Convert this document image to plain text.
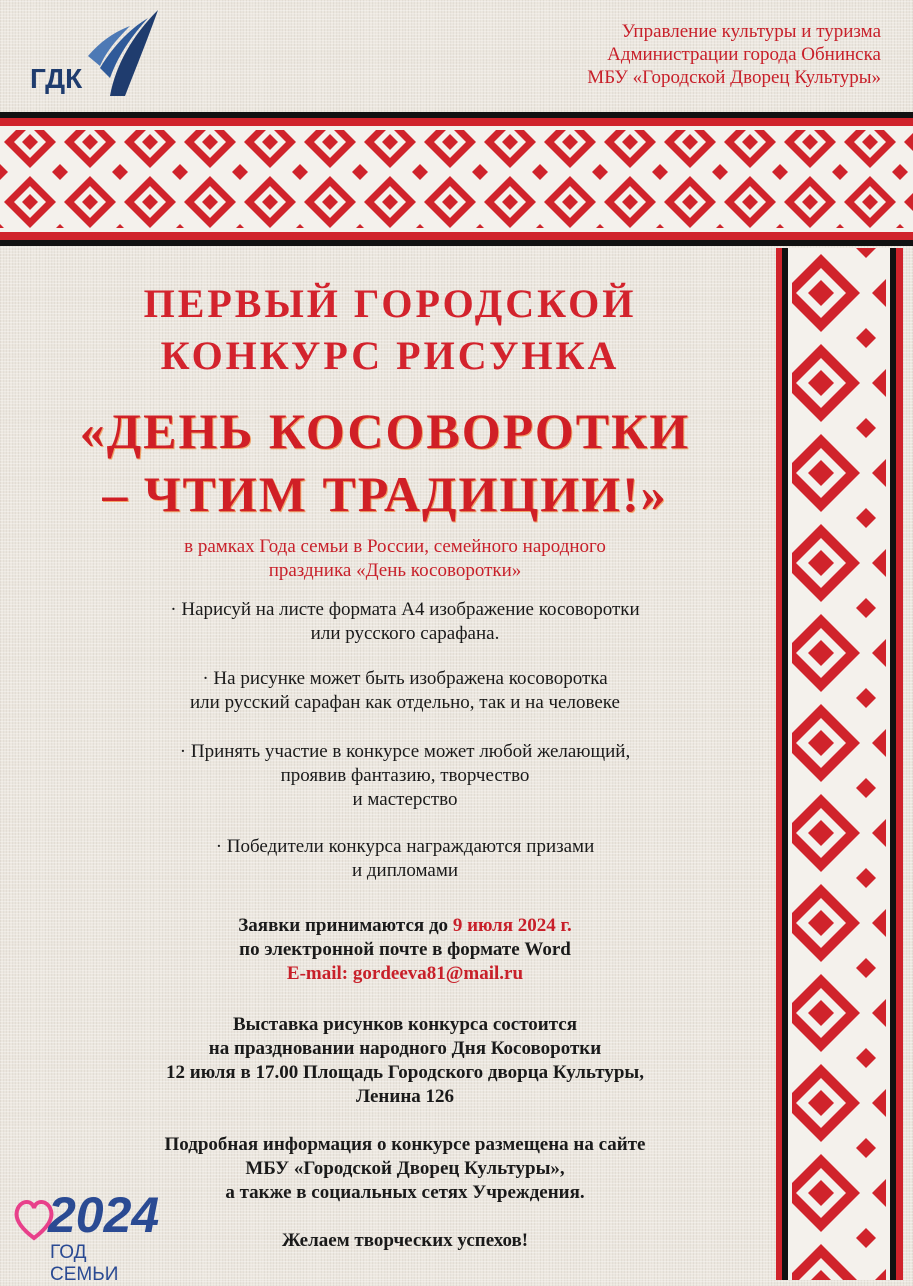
ГДК
Управление культуры и туризма
Администрации города Обнинска
МБУ «Городской Дворец Культуры»
ПЕРВЫЙ ГОРОДСКОЙ
КОНКУРС РИСУНКА
«ДЕНЬ КОСОВОРОТКИ
– ЧТИМ ТРАДИЦИИ!»
в рамках Года семьи в России, семейного народного
праздника «День косоворотки»
· Нарисуй на листе формата А4 изображение косоворотки
или русского сарафана.
· На рисунке может быть изображена косоворотка
или русский сарафан как отдельно, так и на человеке
· Принять участие в конкурсе может любой желающий,
проявив фантазию, творчество
и мастерство
· Победители конкурса награждаются призами
и дипломами
Заявки принимаются до 9 июля 2024 г.
по электронной почте в формате Word
E-mail: gordeeva81@mail.ru
Выставка рисунков конкурса состоится
на праздновании народного Дня Косоворотки
12 июля в 17.00 Площадь Городского дворца Культуры,
Ленина 126
Подробная информация о конкурсе размещена на сайте
МБУ «Городской Дворец Культуры»,
а также в социальных сетях Учреждения.
Желаем творческих успехов!
2024
ГОД СЕМЬИ
